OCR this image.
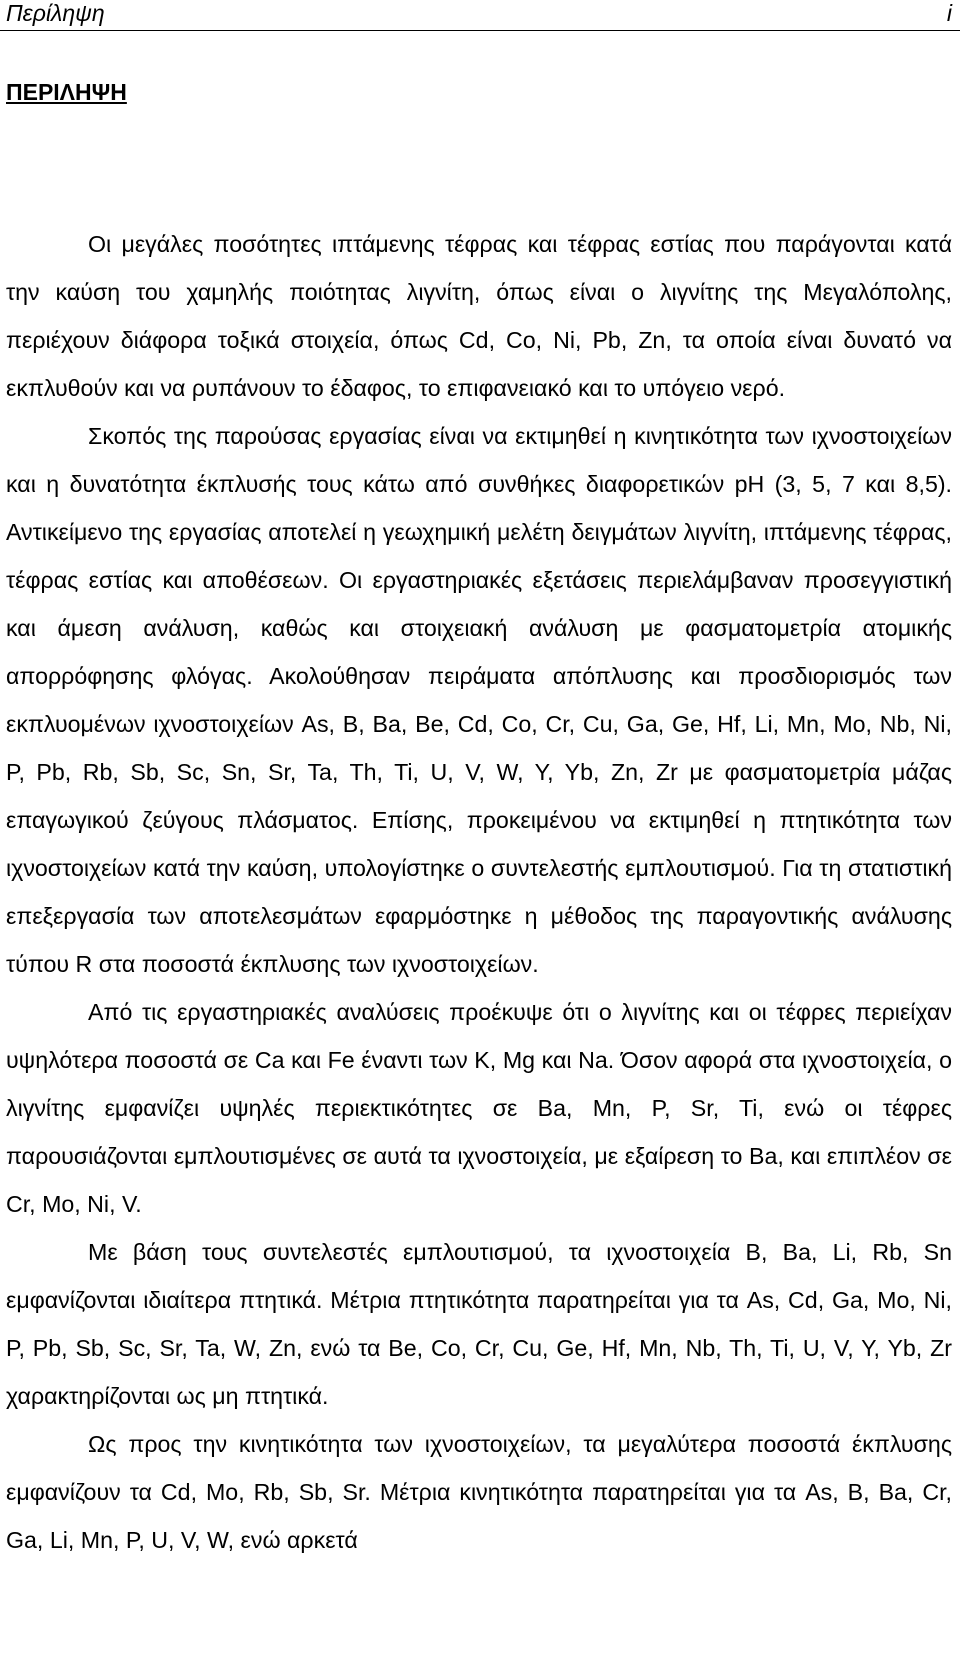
Περίληψη	i
ΠΕΡΙΛΗΨΗ

Οι μεγάλες ποσότητες ιπτάμενης τέφρας και τέφρας εστίας που παράγονται κατά την καύση του χαμηλής ποιότητας λιγνίτη, όπως είναι ο λιγνίτης της Μεγαλόπολης, περιέχουν διάφορα τοξικά στοιχεία, όπως Cd, Co, Ni, Pb, Zn, τα οποία είναι δυνατό να εκπλυθούν και να ρυπάνουν το έδαφος, το επιφανειακό και το υπόγειο νερό.

Σκοπός της παρούσας εργασίας είναι να εκτιμηθεί η κινητικότητα των ιχνοστοιχείων και η δυνατότητα έκπλυσής τους κάτω από συνθήκες διαφορετικών pH (3, 5, 7 και 8,5). Αντικείμενο της εργασίας αποτελεί η γεωχημική μελέτη δειγμάτων λιγνίτη, ιπτάμενης τέφρας, τέφρας εστίας και αποθέσεων. Οι εργαστηριακές εξετάσεις περιελάμβαναν προσεγγιστική και άμεση ανάλυση, καθώς και στοιχειακή ανάλυση με φασματομετρία ατομικής απορρόφησης φλόγας. Ακολούθησαν πειράματα απόπλυσης και προσδιορισμός των εκπλυομένων ιχνοστοιχείων As, B, Ba, Be, Cd, Co, Cr, Cu, Ga, Ge, Hf, Li, Mn, Mo, Nb, Ni, P, Pb, Rb, Sb, Sc, Sn, Sr, Ta, Th, Ti, U, V, W, Y, Yb, Zn, Zr με φασματομετρία μάζας επαγωγικού ζεύγους πλάσματος. Επίσης, προκειμένου να εκτιμηθεί η πτητικότητα των ιχνοστοιχείων κατά την καύση, υπολογίστηκε ο συντελεστής εμπλουτισμού. Για τη στατιστική επεξεργασία των αποτελεσμάτων εφαρμόστηκε η μέθοδος της παραγοντικής ανάλυσης τύπου R στα ποσοστά έκπλυσης των ιχνοστοιχείων.

Από τις εργαστηριακές αναλύσεις προέκυψε ότι ο λιγνίτης και οι τέφρες περιείχαν υψηλότερα ποσοστά σε Ca και Fe έναντι των K, Mg και Na. Όσον αφορά στα ιχνοστοιχεία, ο λιγνίτης εμφανίζει υψηλές περιεκτικότητες σε Ba, Mn, P, Sr, Ti, ενώ οι τέφρες παρουσιάζονται εμπλουτισμένες σε αυτά τα ιχνοστοιχεία, με εξαίρεση το Ba, και επιπλέον σε Cr, Mo, Ni, V.

Με βάση τους συντελεστές εμπλουτισμού, τα ιχνοστοιχεία B, Ba, Li, Rb, Sn εμφανίζονται ιδιαίτερα πτητικά. Μέτρια πτητικότητα παρατηρείται για τα As, Cd, Ga, Mo, Ni, P, Pb, Sb, Sc, Sr, Ta, W, Zn, ενώ τα Be, Co, Cr, Cu, Ge, Hf, Mn, Nb, Th, Ti, U, V, Y, Yb, Zr χαρακτηρίζονται ως μη πτητικά.

Ως προς την κινητικότητα των ιχνοστοιχείων, τα μεγαλύτερα ποσοστά έκπλυσης εμφανίζουν τα Cd, Mo, Rb, Sb, Sr. Μέτρια κινητικότητα παρατηρείται για τα As, B, Ba, Cr, Ga, Li, Mn, P, U, V, W, ενώ αρκετά
